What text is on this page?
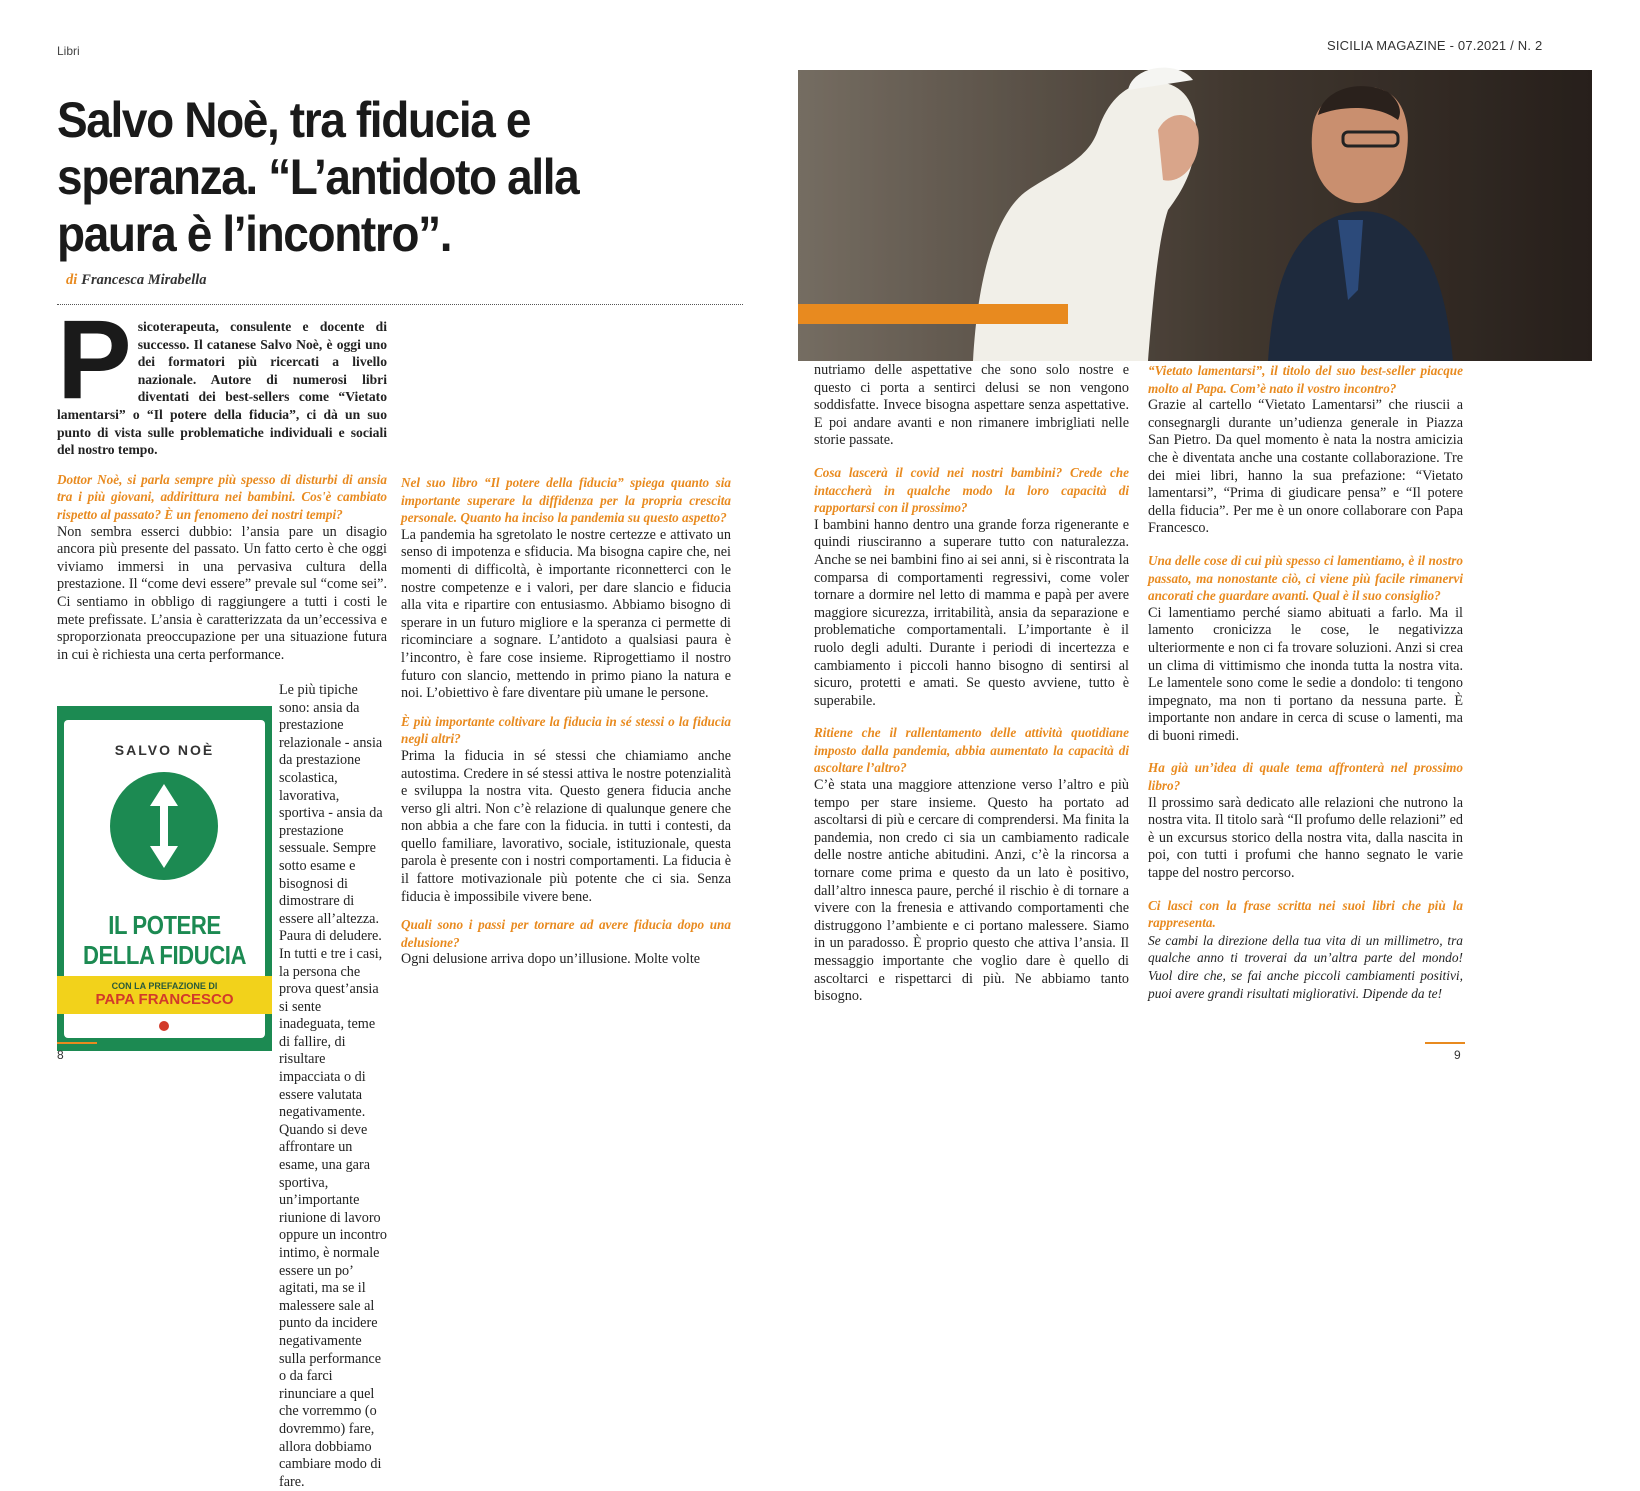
Libri	SICILIA MAGAZINE - 07.2021 / N. 2
Salvo Noè, tra fiducia e speranza. “L’antidoto alla paura è l’incontro”.
di Francesca Mirabella
Psicoterapeuta, consulente e docente di successo. Il catanese Salvo Noè, è oggi uno dei formatori più ricercati a livello nazionale. Autore di numerosi libri diventati dei best-sellers come “Vietato lamentarsi” o “Il potere della fiducia”, ci dà un suo punto di vista sulle problematiche individuali e sociali del nostro tempo.
Dottor Noè, si parla sempre più spesso di disturbi di ansia tra i più giovani, addirittura nei bambini. Cos'è cambiato rispetto al passato? È un fenomeno dei nostri tempi?
Non sembra esserci dubbio: l’ansia pare un disagio ancora più presente del passato. Un fatto certo è che oggi viviamo immersi in una pervasiva cultura della prestazione. Il “come devi essere” prevale sul “come sei”. Ci sentiamo in obbligo di raggiungere a tutti i costi le mete prefissate. L’ansia è caratterizzata da un’eccessiva e sproporzionata preoccupazione per una situazione futura in cui è richiesta una certa performance.
SALVO NOÈ
IL POTERE
DELLA FIDUCIA
CON LA PREFAZIONE DI
PAPA FRANCESCO
Le più tipiche sono: ansia da prestazione relazionale - ansia da prestazione scolastica, lavorativa, sportiva - ansia da prestazione sessuale. Sempre sotto esame e bisognosi di dimostrare di essere all’altezza. Paura di deludere. In tutti e tre i casi, la persona che prova quest’ansia si sente inadeguata, teme di fallire, di risultare impacciata o di essere valutata negativamente. Quando si deve affrontare un esame, una gara sportiva, un’importante riunione di lavoro oppure un incontro intimo, è normale essere un po’ agitati, ma se il malessere sale al punto da incidere negativamente sulla performance o da farci rinunciare a quel che vorremmo (o dovremmo) fare, allora dobbiamo cambiare modo di fare.
Nel suo libro “Il potere della fiducia” spiega quanto sia importante superare la diffidenza per la propria crescita personale. Quanto ha inciso la pandemia su questo aspetto?
La pandemia ha sgretolato le nostre certezze e attivato un senso di impotenza e sfiducia. Ma bisogna capire che, nei momenti di difficoltà, è importante riconnetterci con le nostre competenze e i valori, per dare slancio e fiducia alla vita e ripartire con entusiasmo. Abbiamo bisogno di sperare in un futuro migliore e la speranza ci permette di ricominciare a sognare. L’antidoto a qualsiasi paura è l’incontro, è fare cose insieme. Riprogettiamo il nostro futuro con slancio, mettendo in primo piano la natura e noi. L’obiettivo è fare diventare più umane le persone.
È più importante coltivare la fiducia in sé stessi o la fiducia negli altri?
Prima la fiducia in sé stessi che chiamiamo anche autostima. Credere in sé stessi attiva le nostre potenzialità e sviluppa la nostra vita. Questo genera fiducia anche verso gli altri. Non c’è relazione di qualunque genere che non abbia a che fare con la fiducia. in tutti i contesti, da quello familiare, lavorativo, sociale, istituzionale, questa parola è presente con i nostri comportamenti. La fiducia è il fattore motivazionale più potente che ci sia. Senza fiducia è impossibile vivere bene.
Quali sono i passi per tornare ad avere fiducia dopo una delusione?
Ogni delusione arriva dopo un’illusione. Molte volte
8
nutriamo delle aspettative che sono solo nostre e questo ci porta a sentirci delusi se non vengono soddisfatte. Invece bisogna aspettare senza aspettative. E poi andare avanti e non rimanere imbrigliati nelle storie passate.
Cosa lascerà il covid nei nostri bambini? Crede che intaccherà in qualche modo la loro capacità di rapportarsi con il prossimo?
I bambini hanno dentro una grande forza rigenerante e quindi riusciranno a superare tutto con naturalezza. Anche se nei bambini fino ai sei anni, si è riscontrata la comparsa di comportamenti regressivi, come voler tornare a dormire nel letto di mamma e papà per avere maggiore sicurezza, irritabilità, ansia da separazione e problematiche comportamentali. L’importante è il ruolo degli adulti. Durante i periodi di incertezza e cambiamento i piccoli hanno bisogno di sentirsi al sicuro, protetti e amati. Se questo avviene, tutto è superabile.
Ritiene che il rallentamento delle attività quotidiane imposto dalla pandemia, abbia aumentato la capacità di ascoltare l’altro?
C’è stata una maggiore attenzione verso l’altro e più tempo per stare insieme. Questo ha portato ad ascoltarsi di più e cercare di comprendersi. Ma finita la pandemia, non credo ci sia un cambiamento radicale delle nostre antiche abitudini. Anzi, c’è la rincorsa a tornare come prima e questo da un lato è positivo, dall’altro innesca paure, perché il rischio è di tornare a vivere con la frenesia e attivando comportamenti che distruggono l’ambiente e ci portano malessere. Siamo in un paradosso. È proprio questo che attiva l’ansia. Il messaggio importante che voglio dare è quello di ascoltarci e rispettarci di più. Ne abbiamo tanto bisogno.
“Vietato lamentarsi”, il titolo del suo best-seller piacque molto al Papa. Com’è nato il vostro incontro?
Grazie al cartello “Vietato Lamentarsi” che riuscii a consegnargli durante un’udienza generale in Piazza San Pietro. Da quel momento è nata la nostra amicizia che è diventata anche una costante collaborazione. Tre dei miei libri, hanno la sua prefazione: “Vietato lamentarsi”, “Prima di giudicare pensa” e “Il potere della fiducia”. Per me è un onore collaborare con Papa Francesco.
Una delle cose di cui più spesso ci lamentiamo, è il nostro passato, ma nonostante ciò, ci viene più facile rimanervi ancorati che guardare avanti. Qual è il suo consiglio?
Ci lamentiamo perché siamo abituati a farlo. Ma il lamento cronicizza le cose, le negativizza ulteriormente e non ci fa trovare soluzioni. Anzi si crea un clima di vittimismo che inonda tutta la nostra vita. Le lamentele sono come le sedie a dondolo: ti tengono impegnato, ma non ti portano da nessuna parte. È importante non andare in cerca di scuse o lamenti, ma di buoni rimedi.
Ha già un’idea di quale tema affronterà nel prossimo libro?
Il prossimo sarà dedicato alle relazioni che nutrono la nostra vita. Il titolo sarà “Il profumo delle relazioni” ed è un excursus storico della nostra vita, dalla nascita in poi, con tutti i profumi che hanno segnato le varie tappe del nostro percorso.
Ci lasci con la frase scritta nei suoi libri che più la rappresenta.
Se cambi la direzione della tua vita di un millimetro, tra qualche anno ti troverai da un’altra parte del mondo! Vuol dire che, se fai anche piccoli cambiamenti positivi, puoi avere grandi risultati migliorativi. Dipende da te!
9
